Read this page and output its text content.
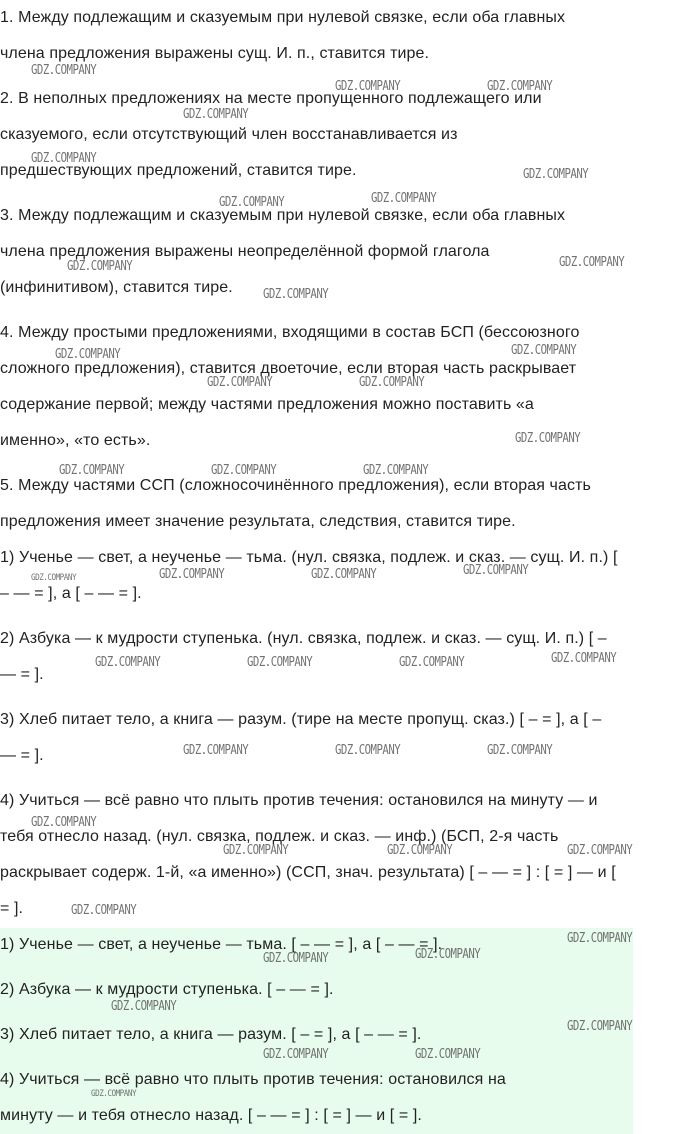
1. Между подлежащим и сказуемым при нулевой связке, если оба главных
члена предложения выражены сущ. И. п., ставится тире.
2. В неполных предложениях на месте пропущенного подлежащего или
сказуемого, если отсутствующий член восстанавливается из
предшествующих предложений, ставится тире.
3. Между подлежащим и сказуемым при нулевой связке, если оба главных
члена предложения выражены неопределённой формой глагола
(инфинитивом), ставится тире.
4. Между простыми предложениями, входящими в состав БСП (бессоюзного
сложного предложения), ставится двоеточие, если вторая часть раскрывает
содержание первой; между частями предложения можно поставить «а
именно», «то есть».
5. Между частями ССП (сложносочинённого предложения), если вторая часть
предложения имеет значение результата, следствия, ставится тире.
1) Ученье — свет, а неученье — тьма. (нул. связка, подлеж. и сказ. — сущ. И. п.) [
– — = ], а [ – — = ].
2) Азбука — к мудрости ступенька. (нул. связка, подлеж. и сказ. — сущ. И. п.) [ –
— = ].
3) Хлеб питает тело, а книга — разум. (тире на месте пропущ. сказ.) [ – = ], а [ –
— = ].
4) Учиться — всё равно что плыть против течения: остановился на минуту — и
тебя отнесло назад. (нул. связка, подлеж. и сказ. — инф.) (БСП, 2-я часть
раскрывает содерж. 1-й, «а именно») (ССП, знач. результата) [ – — = ] : [ = ] — и [
= ].
1) Ученье — свет, а неученье — тьма. [ – — = ], а [ – — = ].
2) Азбука — к мудрости ступенька. [ – — = ].
3) Хлеб питает тело, а книга — разум. [ – = ], а [ – — = ].
4) Учиться — всё равно что плыть против течения: остановился на
минуту — и тебя отнесло назад. [ – — = ] : [ = ] — и [ = ].
GDZ.COMPANY
GDZ.COMPANY	GDZ.COMPANY
GDZ.COMPANY
GDZ.COMPANY
GDZ.COMPANY
GDZ.COMPANY	GDZ.COMPANY
GDZ.COMPANY	GDZ.COMPANY
GDZ.COMPANY
GDZ.COMPANY	GDZ.COMPANY
GDZ.COMPANY	GDZ.COMPANY
GDZ.COMPANY
GDZ.COMPANY	GDZ.COMPANY	GDZ.COMPANY
GDZ.COMPANY	GDZ.COMPANY	GDZ.COMPANY	GDZ.COMPANY
GDZ.COMPANY	GDZ.COMPANY	GDZ.COMPANY	GDZ.COMPANY
GDZ.COMPANY	GDZ.COMPANY	GDZ.COMPANY
GDZ.COMPANY
GDZ.COMPANY	GDZ.COMPANY	GDZ.COMPANY
GDZ.COMPANY
GDZ.COMPANY
GDZ.COMPANY	GDZ.COMPANY
GDZ.COMPANY
GDZ.COMPANY
GDZ.COMPANY	GDZ.COMPANY
GDZ.COMPANY
